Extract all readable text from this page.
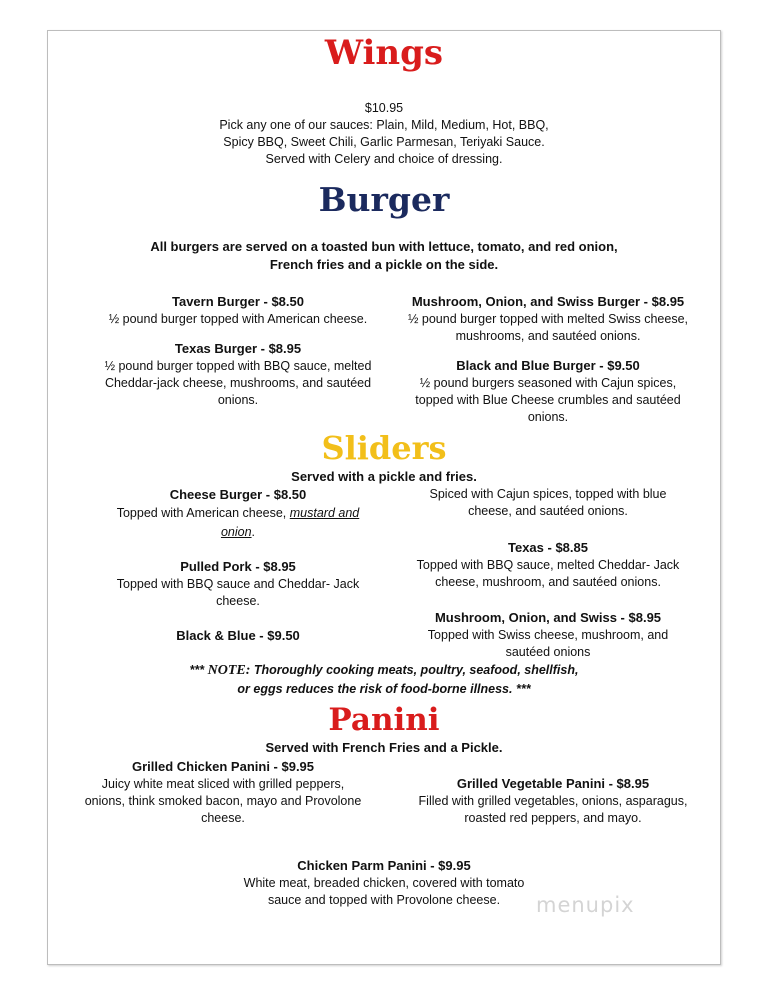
Wings
$10.95
Pick any one of our sauces: Plain, Mild, Medium, Hot, BBQ,
Spicy BBQ, Sweet Chili, Garlic Parmesan, Teriyaki Sauce.
Served with Celery and choice of dressing.
Burger
All burgers are served on a toasted bun with lettuce, tomato, and red onion,
French fries and a pickle on the side.
Tavern Burger - $8.50
½ pound burger topped with American cheese.
Texas Burger - $8.95
½ pound burger topped with BBQ sauce, melted
Cheddar-jack cheese, mushrooms, and sautéed
onions.
Mushroom, Onion, and Swiss Burger - $8.95
½ pound burger topped with melted Swiss cheese,
mushrooms, and sautéed onions.
Black and Blue Burger - $9.50
½ pound burgers seasoned with Cajun spices,
topped with Blue Cheese crumbles and sautéed
onions.
Sliders
Served with a pickle and fries.
Cheese Burger - $8.50
Topped with American cheese, mustard and
onion.
Pulled Pork - $8.95
Topped with BBQ sauce and Cheddar- Jack
cheese.
Black & Blue - $9.50
Spiced with Cajun spices, topped with blue
cheese, and sautéed onions.
Texas - $8.85
Topped with BBQ sauce, melted Cheddar- Jack
cheese, mushroom, and sautéed onions.
Mushroom, Onion, and Swiss - $8.95
Topped with Swiss cheese, mushroom, and
sautéed onions
*** NOTE: Thoroughly cooking meats, poultry, seafood, shellfish,
or eggs reduces the risk of food-borne illness. ***
Panini
Served with French Fries and a Pickle.
Grilled Chicken Panini - $9.95
Juicy white meat sliced with grilled peppers,
onions, think smoked bacon, mayo and Provolone
cheese.
Grilled Vegetable Panini - $8.95
Filled with grilled vegetables, onions, asparagus,
roasted red peppers, and mayo.
Chicken Parm Panini - $9.95
White meat, breaded chicken, covered with tomato
sauce and topped with Provolone cheese.	menupix
